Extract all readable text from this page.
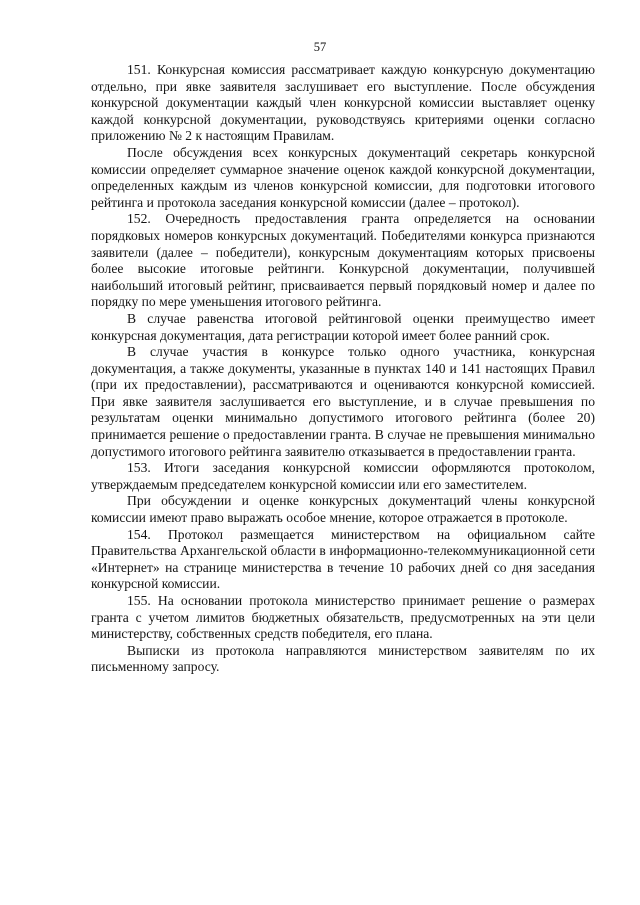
57

151. Конкурсная комиссия рассматривает каждую конкурсную документацию отдельно, при явке заявителя заслушивает его выступление. После обсуждения конкурсной документации каждый член конкурсной комиссии выставляет оценку каждой конкурсной документации, руководствуясь критериями оценки согласно приложению № 2 к настоящим Правилам.

После обсуждения всех конкурсных документаций секретарь конкурсной комиссии определяет суммарное значение оценок каждой конкурсной документации, определенных каждым из членов конкурсной комиссии, для подготовки итогового рейтинга и протокола заседания конкурсной комиссии (далее – протокол).

152. Очередность предоставления гранта определяется на основании порядковых номеров конкурсных документаций. Победителями конкурса признаются заявители (далее – победители), конкурсным документациям которых присвоены более высокие итоговые рейтинги. Конкурсной документации, получившей наибольший итоговый рейтинг, присваивается первый порядковый номер и далее по порядку по мере уменьшения итогового рейтинга.

В случае равенства итоговой рейтинговой оценки преимущество имеет конкурсная документация, дата регистрации которой имеет более ранний срок.

В случае участия в конкурсе только одного участника, конкурсная документация, а также документы, указанные в пунктах 140 и 141 настоящих Правил (при их предоставлении), рассматриваются и оцениваются конкурсной комиссией. При явке заявителя заслушивается его выступление, и в случае превышения по результатам оценки минимально допустимого итогового рейтинга (более 20) принимается решение о предоставлении гранта. В случае не превышения минимально допустимого итогового рейтинга заявителю отказывается в предоставлении гранта.

153. Итоги заседания конкурсной комиссии оформляются протоколом, утверждаемым председателем конкурсной комиссии или его заместителем.

При обсуждении и оценке конкурсных документаций члены конкурсной комиссии имеют право выражать особое мнение, которое отражается в протоколе.

154. Протокол размещается министерством на официальном сайте Правительства Архангельской области в информационно-телекоммуникационной сети «Интернет» на странице министерства в течение 10 рабочих дней со дня заседания конкурсной комиссии.

155. На основании протокола министерство принимает решение о размерах гранта с учетом лимитов бюджетных обязательств, предусмотренных на эти цели министерству, собственных средств победителя, его плана.

Выписки из протокола направляются министерством заявителям по их письменному запросу.
